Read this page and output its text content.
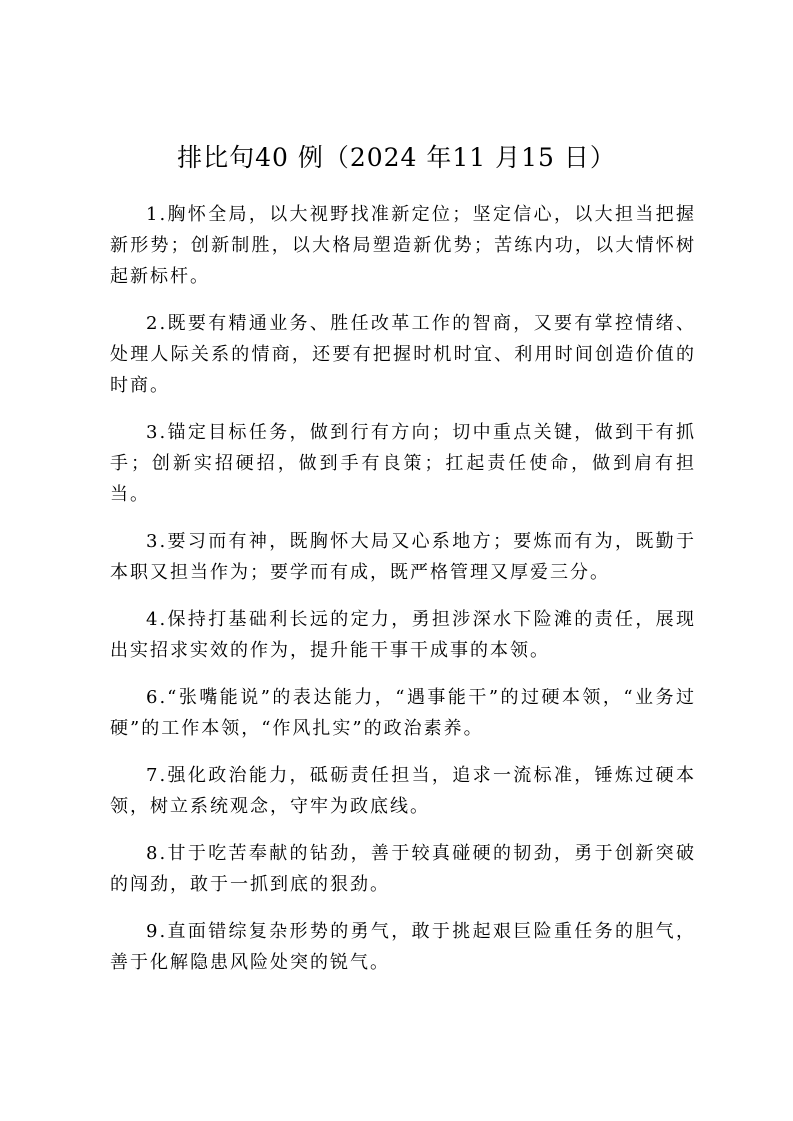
排比句40 例（2024 年11 月15 日）

1.胸怀全局，以大视野找准新定位；坚定信心，以大担当把握新形势；创新制胜，以大格局塑造新优势；苦练内功，以大情怀树起新标杆。

2.既要有精通业务、胜任改革工作的智商，又要有掌控情绪、处理人际关系的情商，还要有把握时机时宜、利用时间创造价值的时商。

3.锚定目标任务，做到行有方向；切中重点关键，做到干有抓手；创新实招硬招，做到手有良策；扛起责任使命，做到肩有担当。

3.要习而有神，既胸怀大局又心系地方；要炼而有为，既勤于本职又担当作为；要学而有成，既严格管理又厚爱三分。

4.保持打基础利长远的定力，勇担涉深水下险滩的责任，展现出实招求实效的作为，提升能干事干成事的本领。

6.“张嘴能说”的表达能力，“遇事能干”的过硬本领，“业务过硬”的工作本领，“作风扎实”的政治素养。

7.强化政治能力，砥砺责任担当，追求一流标准，锤炼过硬本领，树立系统观念，守牢为政底线。

8.甘于吃苦奉献的钻劲，善于较真碰硬的韧劲，勇于创新突破的闯劲，敢于一抓到底的狠劲。

9.直面错综复杂形势的勇气，敢于挑起艰巨险重任务的胆气，善于化解隐患风险处突的锐气。
